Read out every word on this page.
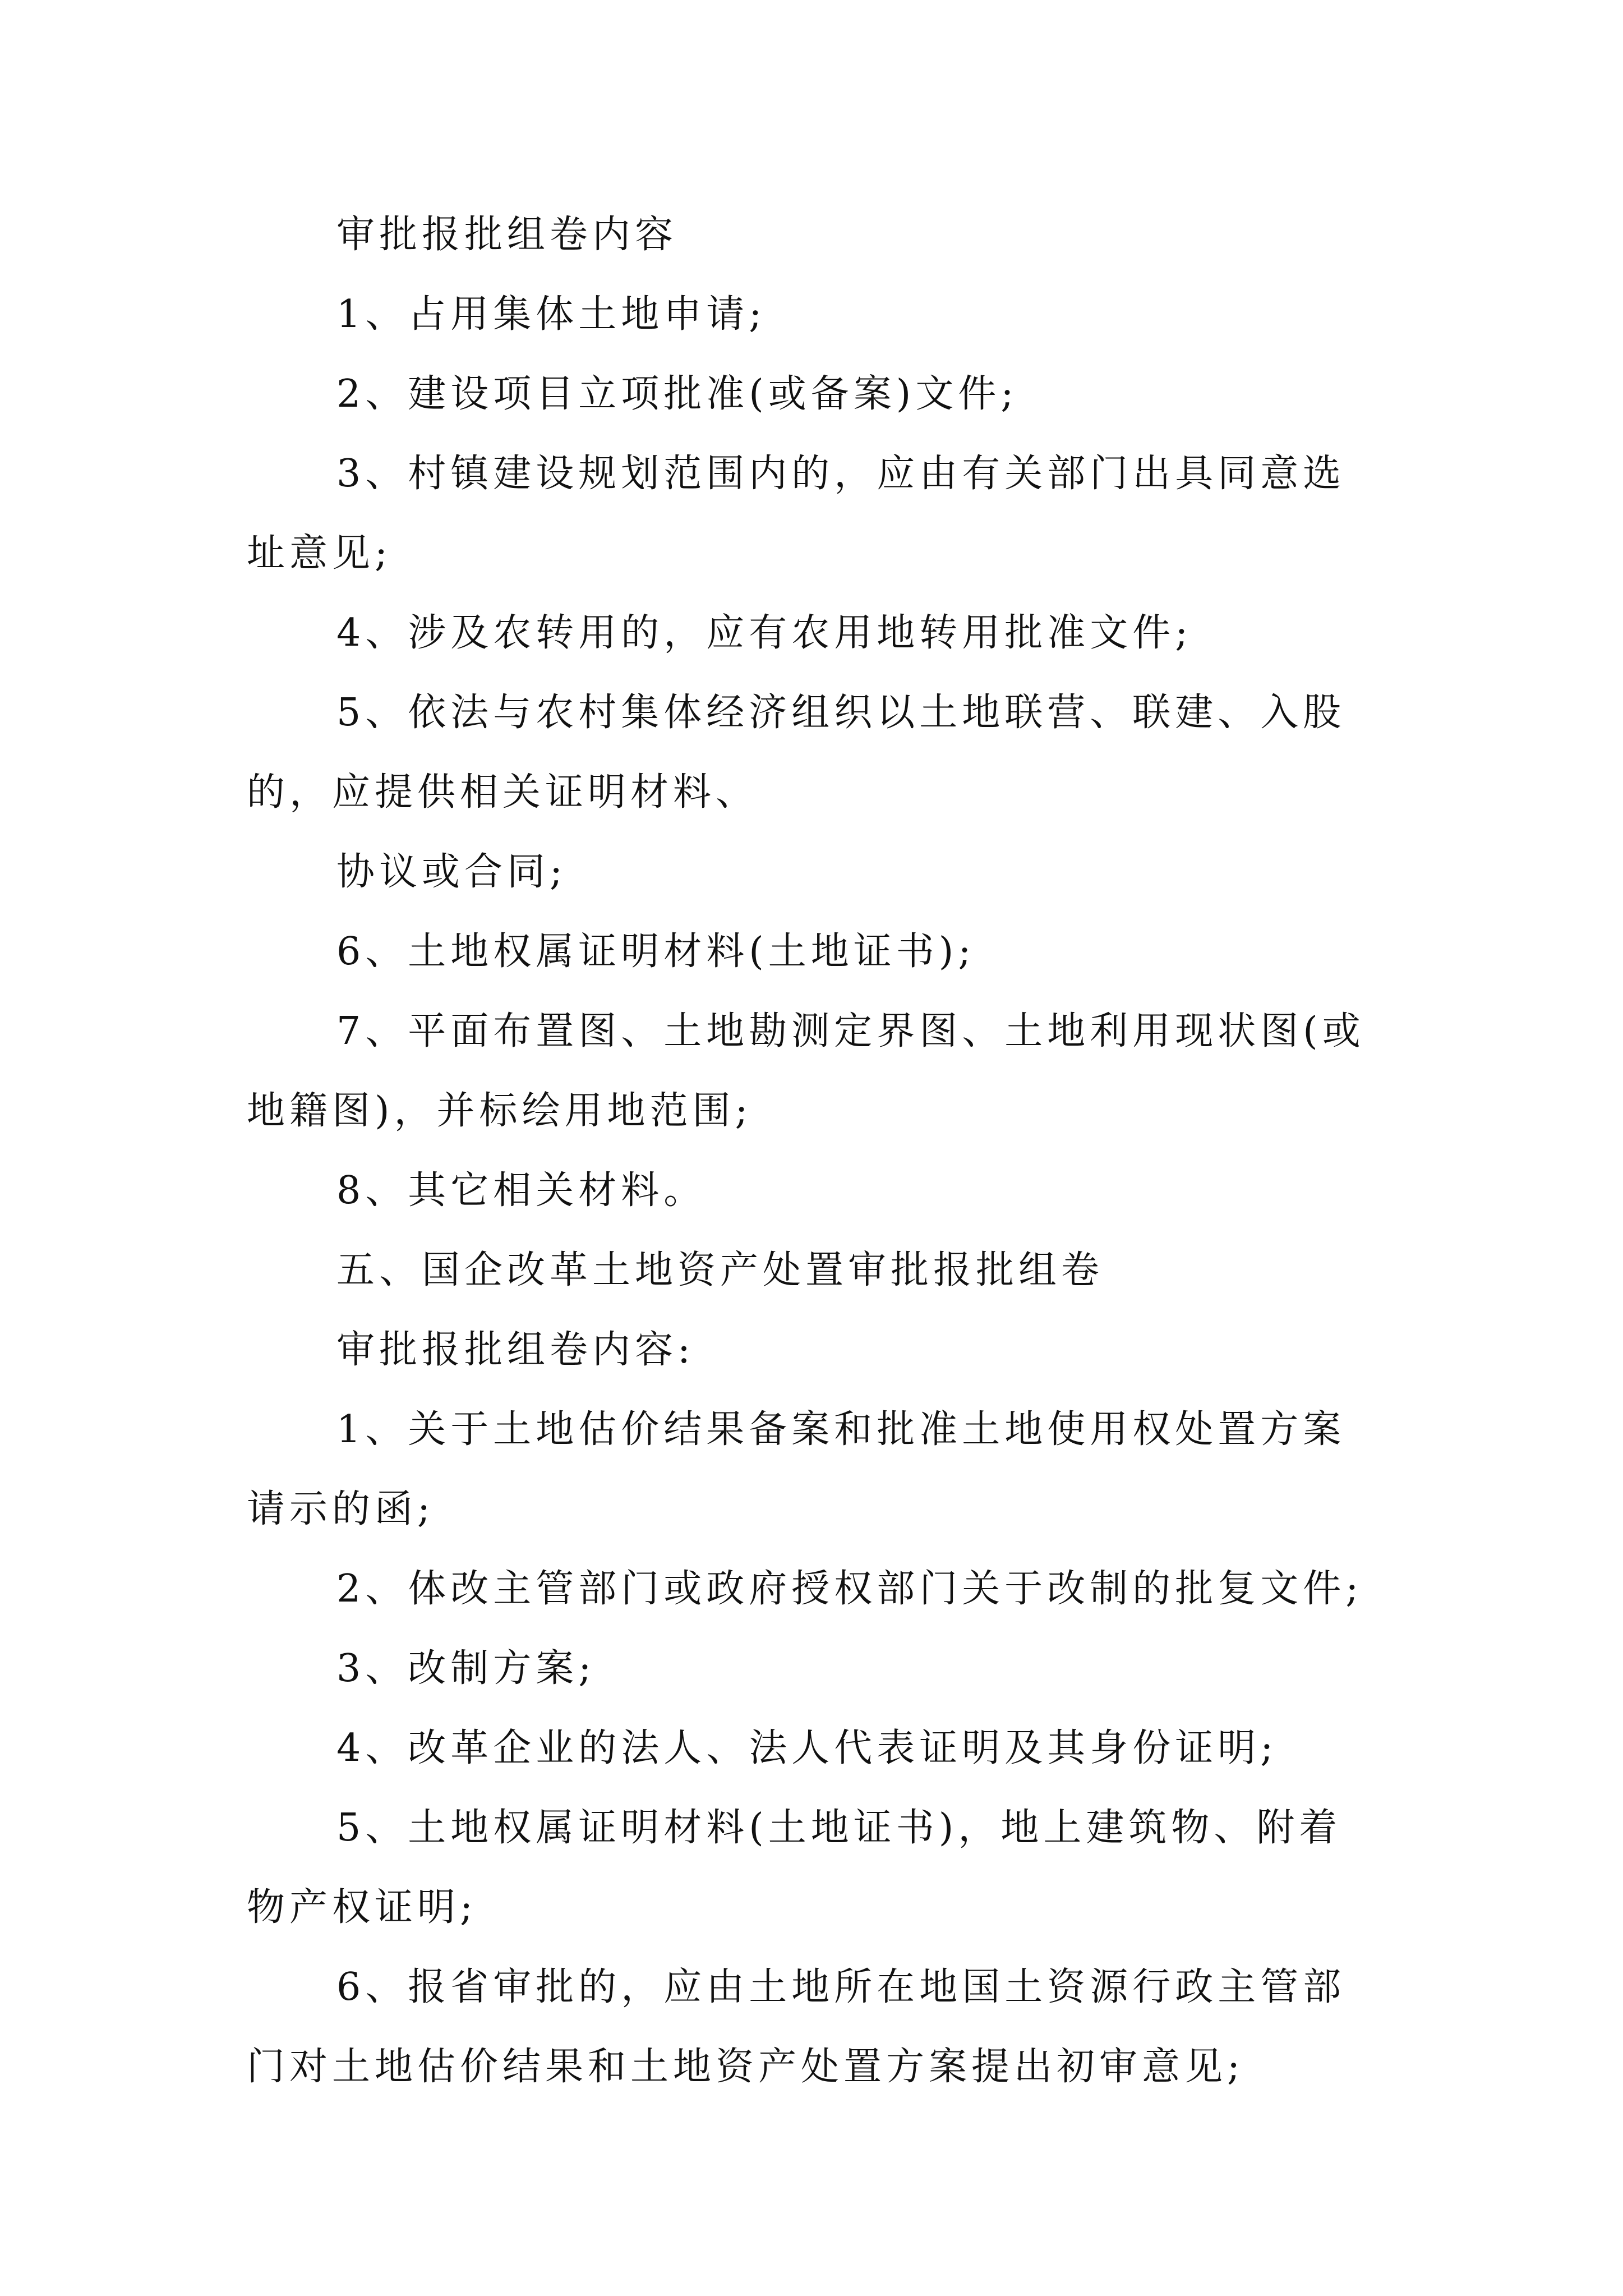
审批报批组卷内容
1、占用集体土地申请;
2、建设项目立项批准(或备案)文件;
3、村镇建设规划范围内的，应由有关部门出具同意选
址意见;
4、涉及农转用的，应有农用地转用批准文件;
5、依法与农村集体经济组织以土地联营、联建、入股
的，应提供相关证明材料、
协议或合同;
6、土地权属证明材料(土地证书);
7、平面布置图、土地勘测定界图、土地利用现状图(或
地籍图)，并标绘用地范围;
8、其它相关材料。
五、国企改革土地资产处置审批报批组卷
审批报批组卷内容:
1、关于土地估价结果备案和批准土地使用权处置方案
请示的函;
2、体改主管部门或政府授权部门关于改制的批复文件;
3、改制方案;
4、改革企业的法人、法人代表证明及其身份证明;
5、土地权属证明材料(土地证书)，地上建筑物、附着
物产权证明;
6、报省审批的，应由土地所在地国土资源行政主管部
门对土地估价结果和土地资产处置方案提出初审意见;
